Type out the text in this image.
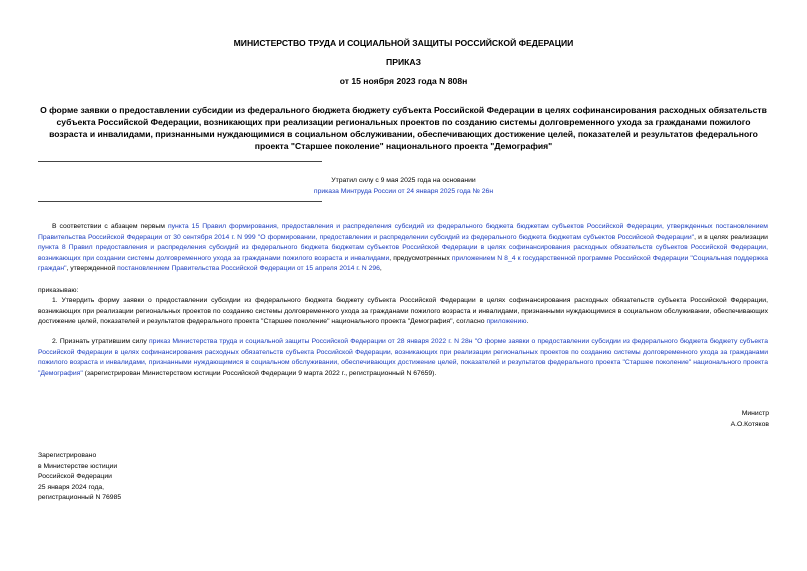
МИНИСТЕРСТВО ТРУДА И СОЦИАЛЬНОЙ ЗАЩИТЫ РОССИЙСКОЙ ФЕДЕРАЦИИ
ПРИКАЗ
от 15 ноября 2023 года N 808н
О форме заявки о предоставлении субсидии из федерального бюджета бюджету субъекта Российской Федерации в целях софинансирования расходных обязательств субъекта Российской Федерации, возникающих при реализации региональных проектов по созданию системы долговременного ухода за гражданами пожилого возраста и инвалидами, признанными нуждающимися в социальном обслуживании, обеспечивающих достижение целей, показателей и результатов федерального проекта "Старшее поколение" национального проекта "Демография"
Утратил силу с 9 мая 2025 года на основании
приказа Минтруда России от 24 января 2025 года № 26н
В соответствии с абзацем первым пункта 15 Правил формирования, предоставления и распределения субсидий из федерального бюджета бюджетам субъектов Российской Федерации, утвержденных постановлением Правительства Российской Федерации от 30 сентября 2014 г. N 999 "О формировании, предоставлении и распределении субсидий из федерального бюджета бюджетам субъектов Российской Федерации", и в целях реализации пункта 8 Правил предоставления и распределения субсидий из федерального бюджета бюджетам субъектов Российской Федерации в целях софинансирования расходных обязательств субъектов Российской Федерации, возникающих при создании системы долговременного ухода за гражданами пожилого возраста и инвалидами, предусмотренных приложением N 8_4 к государственной программе Российской Федерации "Социальная поддержка граждан", утвержденной постановлением Правительства Российской Федерации от 15 апреля 2014 г. N 296,
приказываю:
1. Утвердить форму заявки о предоставлении субсидии из федерального бюджета бюджету субъекта Российской Федерации в целях софинансирования расходных обязательств субъекта Российской Федерации, возникающих при реализации региональных проектов по созданию системы долговременного ухода за гражданами пожилого возраста и инвалидами, признанными нуждающимися в социальном обслуживании, обеспечивающих достижение целей, показателей и результатов федерального проекта "Старшее поколение" национального проекта "Демография", согласно приложению.
2. Признать утратившим силу приказ Министерства труда и социальной защиты Российской Федерации от 28 января 2022 г. N 28н "О форме заявки о предоставлении субсидии из федерального бюджета бюджету субъекта Российской Федерации в целях софинансирования расходных обязательств субъекта Российской Федерации, возникающих при реализации региональных проектов по созданию системы долговременного ухода за гражданами пожилого возраста и инвалидами, признанными нуждающимися в социальном обслуживании, обеспечивающих достижение целей, показателей и результатов федерального проекта "Старшее поколение" национального проекта "Демография" (зарегистрирован Министерством юстиции Российской Федерации 9 марта 2022 г., регистрационный N 67659).
Министр
А.О.Котяков
Зарегистрировано
в Министерстве юстиции
Российской Федерации
25 января 2024 года,
регистрационный N 76985
